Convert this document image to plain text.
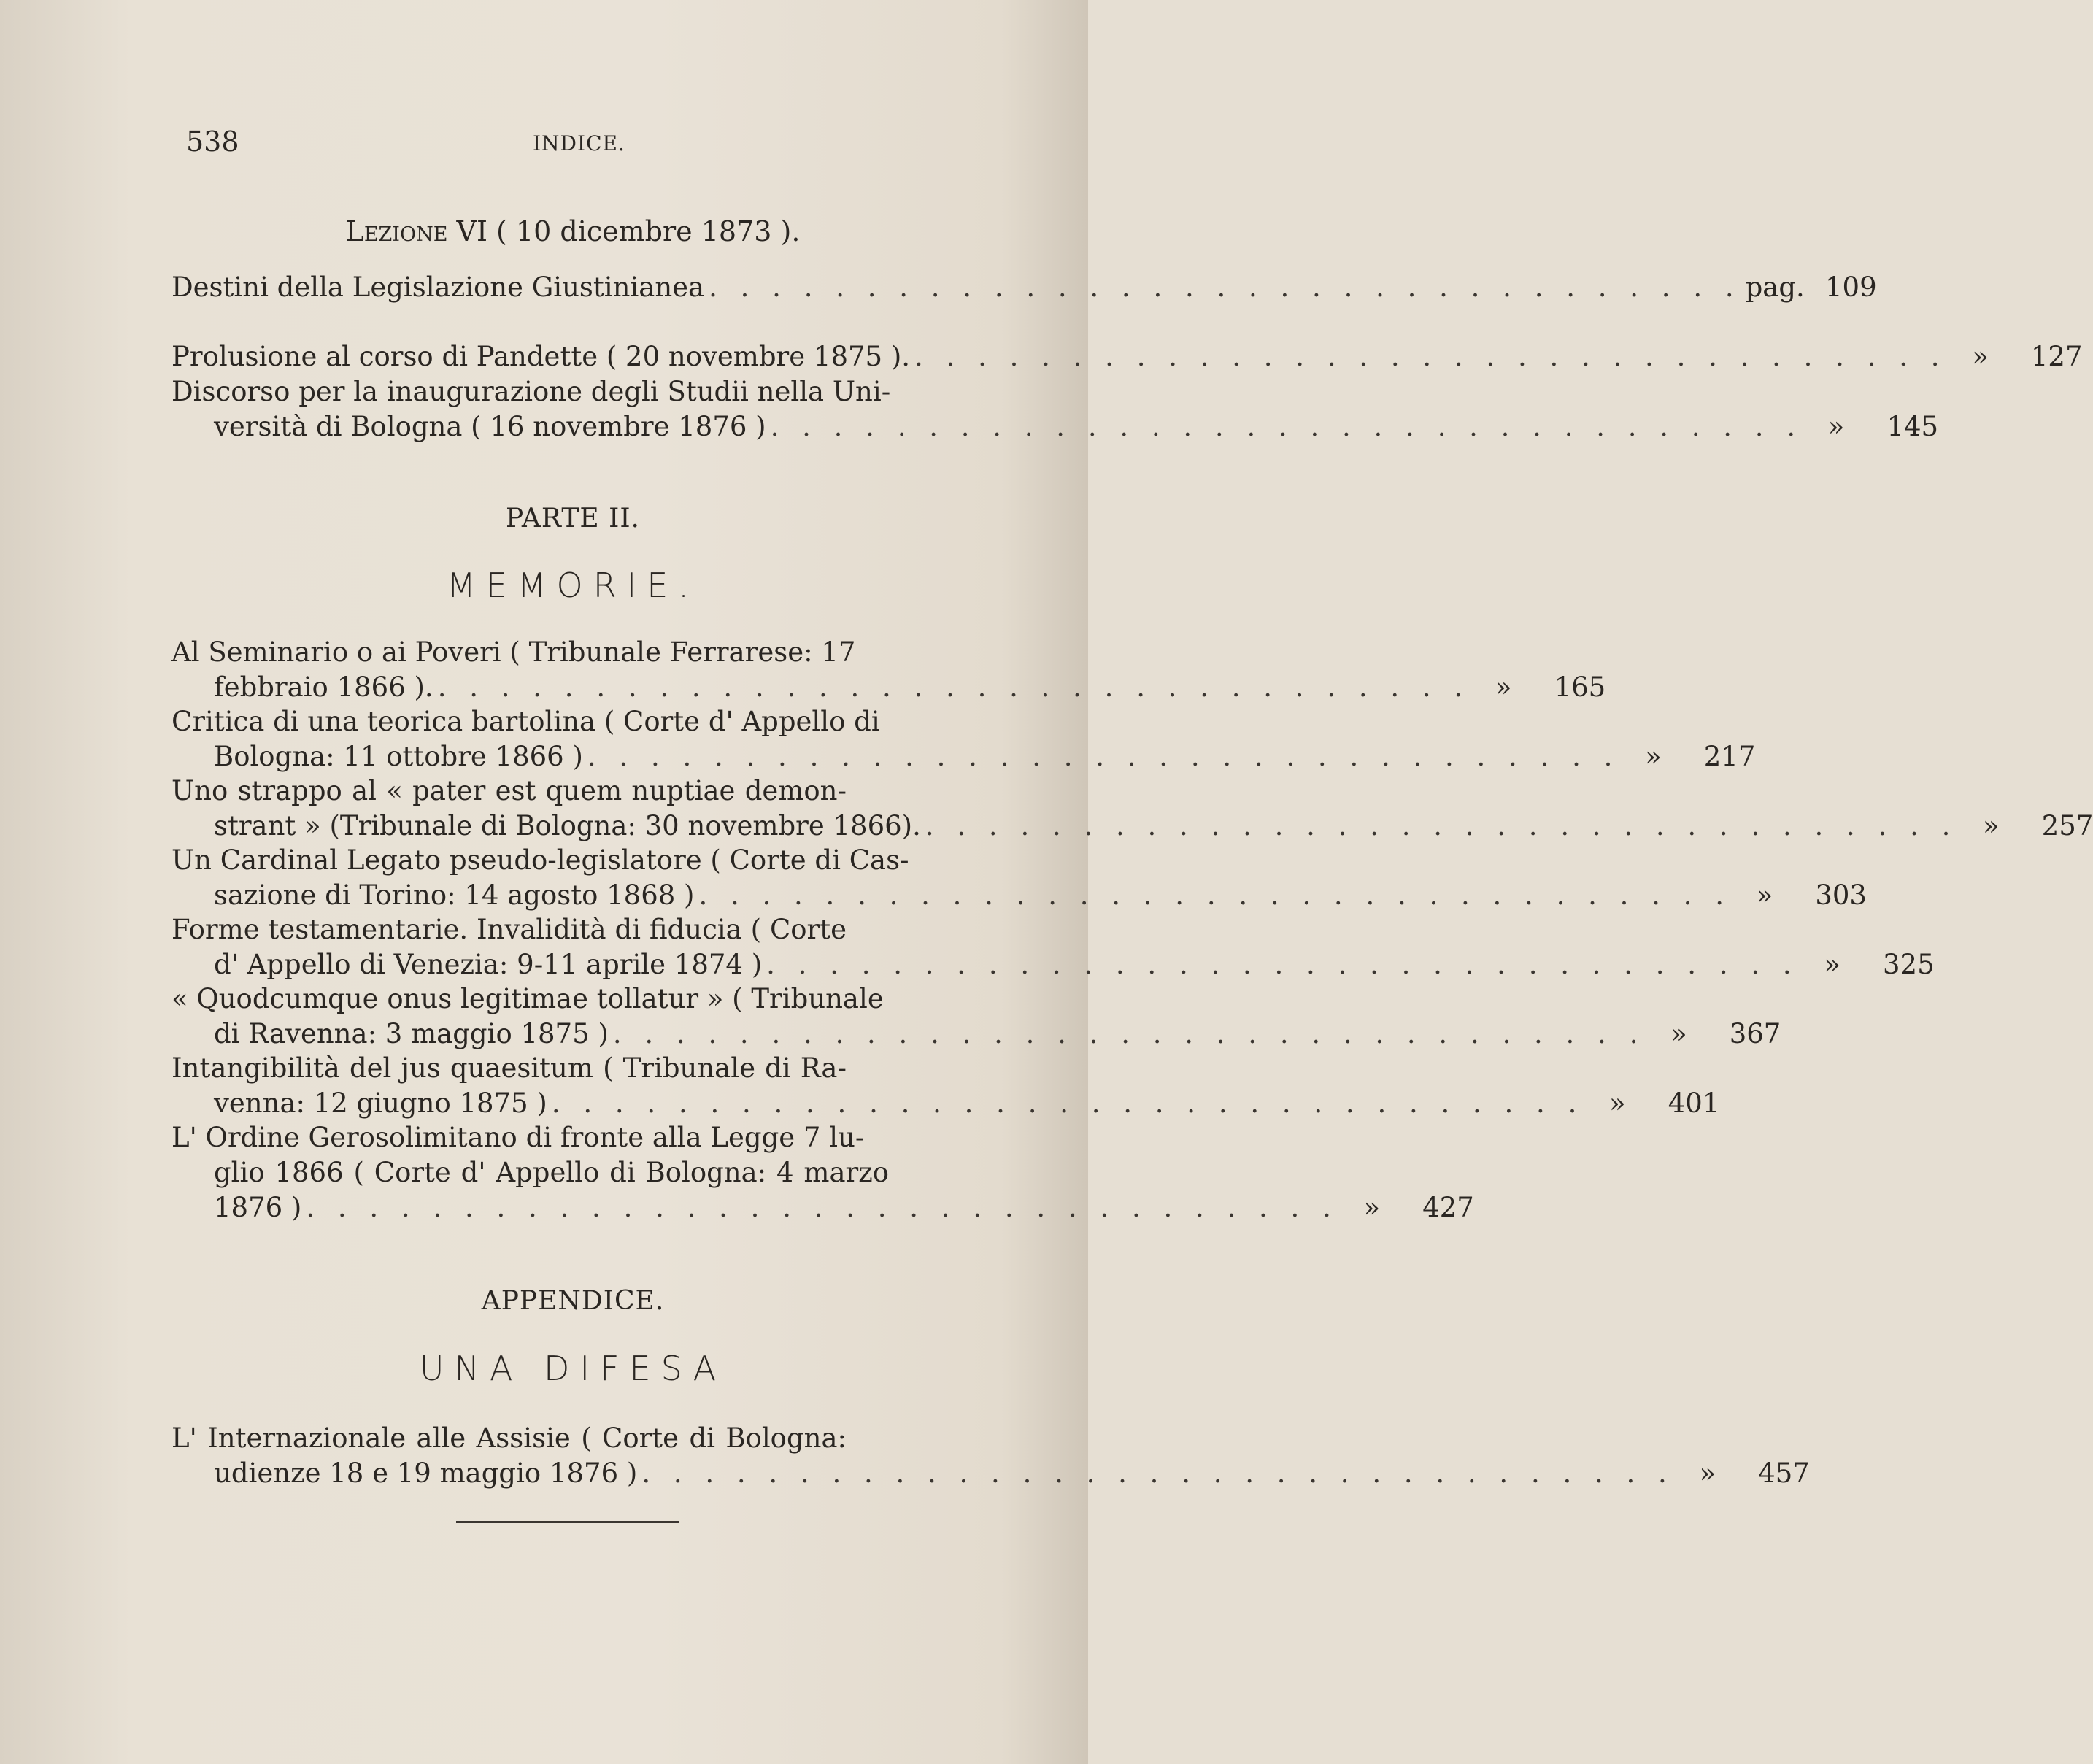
538	INDICE.
Lezione VI ( 10 dicembre 1873 ).
Destini della Legislazione Giustinianea . . . . . . . . . . . . . . . . . . . . . . . . . . . . . . . . . pag. 109
Prolusione al corso di Pandette ( 20 novembre 1875 ). . . . . . . . . . . . . . . . . . . . . . . . . . . . . . . . . . »	127
Discorso per la inaugurazione degli Studii nella Uni-
versità di Bologna ( 16 novembre 1876 ) . . . . . . . . . . . . . . . . . . . . . . . . . . . . . . . . . »	145
PARTE II.
MEMORIE.
Al Seminario o ai Poveri ( Tribunale Ferrarese: 17
febbraio 1866 ). . . . . . . . . . . . . . . . . . . . . . . . . . . . . . . . . . »	165
Critica di una teorica bartolina ( Corte d' Appello di
Bologna: 11 ottobre 1866 ) . . . . . . . . . . . . . . . . . . . . . . . . . . . . . . . . . »	217
Uno strappo al « pater est quem nuptiae demon-
strant » (Tribunale di Bologna: 30 novembre 1866). . . . . . . . . . . . . . . . . . . . . . . . . . . . . . . . . . »	257
Un Cardinal Legato pseudo-legislatore ( Corte di Cas-
sazione di Torino: 14 agosto 1868 ) . . . . . . . . . . . . . . . . . . . . . . . . . . . . . . . . . »	303
Forme testamentarie. Invalidità di fiducia ( Corte
d' Appello di Venezia: 9-11 aprile 1874 ) . . . . . . . . . . . . . . . . . . . . . . . . . . . . . . . . . »	325
« Quodcumque onus legitimae tollatur » ( Tribunale
di Ravenna: 3 maggio 1875 ) . . . . . . . . . . . . . . . . . . . . . . . . . . . . . . . . . »	367
Intangibilità del jus quaesitum ( Tribunale di Ra-
venna: 12 giugno 1875 ) . . . . . . . . . . . . . . . . . . . . . . . . . . . . . . . . . »	401
L' Ordine Gerosolimitano di fronte alla Legge 7 lu-
glio 1866 ( Corte d' Appello di Bologna: 4 marzo
1876 ) . . . . . . . . . . . . . . . . . . . . . . . . . . . . . . . . . »	427
APPENDICE.
UNA DIFESA
L' Internazionale alle Assisie ( Corte di Bologna:
udienze 18 e 19 maggio 1876 ) . . . . . . . . . . . . . . . . . . . . . . . . . . . . . . . . . »	457
